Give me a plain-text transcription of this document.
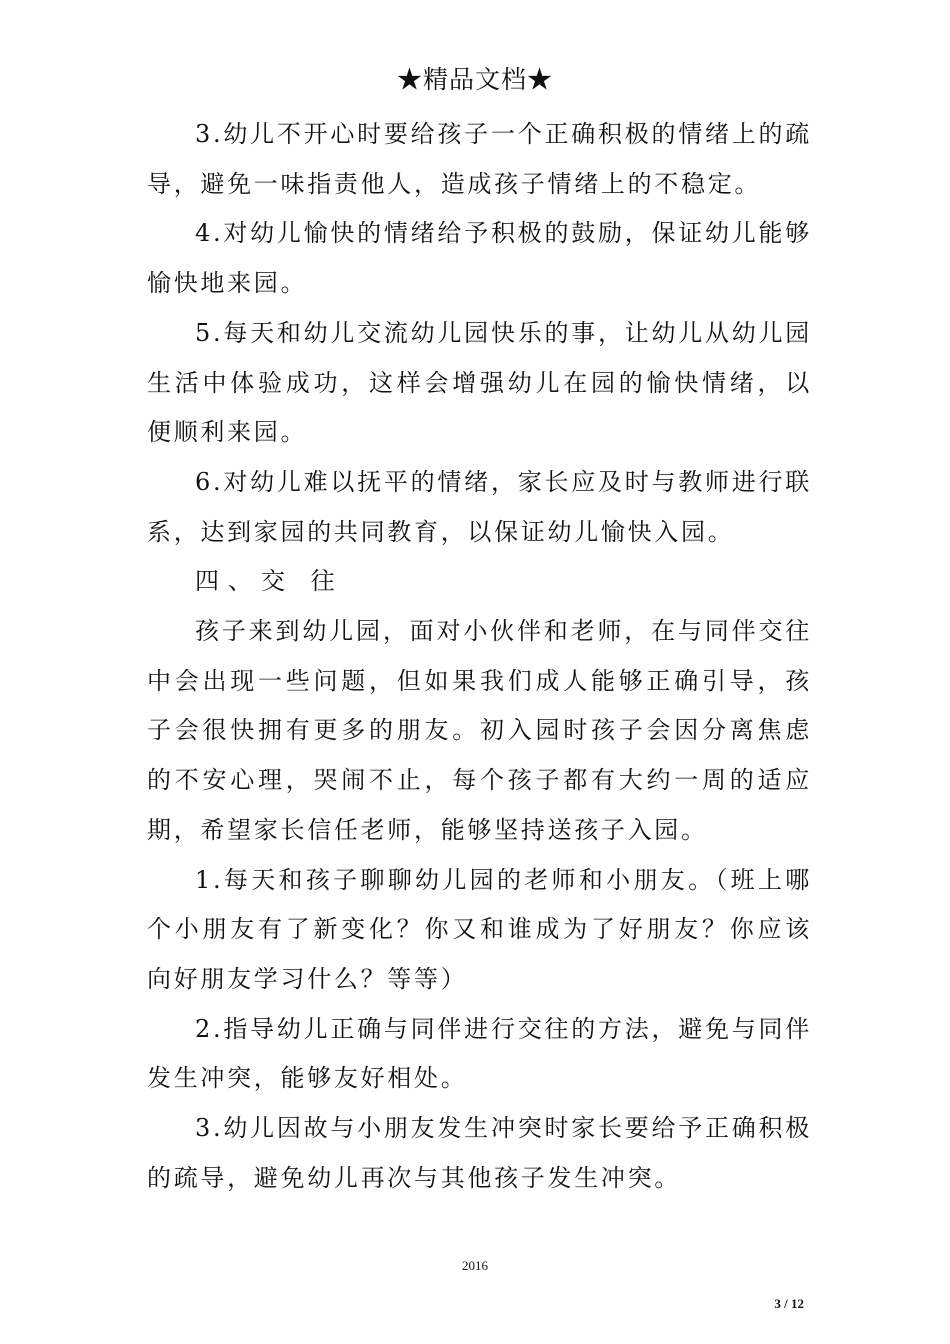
★精品文档★

3.幼儿不开心时要给孩子一个正确积极的情绪上的疏导，避免一味指责他人，造成孩子情绪上的不稳定。

4.对幼儿愉快的情绪给予积极的鼓励，保证幼儿能够愉快地来园。

5.每天和幼儿交流幼儿园快乐的事，让幼儿从幼儿园生活中体验成功，这样会增强幼儿在园的愉快情绪，以便顺利来园。

6.对幼儿难以抚平的情绪，家长应及时与教师进行联系，达到家园的共同教育，以保证幼儿愉快入园。

四、交 往

孩子来到幼儿园，面对小伙伴和老师，在与同伴交往中会出现一些问题，但如果我们成人能够正确引导，孩子会很快拥有更多的朋友。初入园时孩子会因分离焦虑的不安心理，哭闹不止，每个孩子都有大约一周的适应期，希望家长信任老师，能够坚持送孩子入园。

1.每天和孩子聊聊幼儿园的老师和小朋友。（班上哪个小朋友有了新变化？你又和谁成为了好朋友？你应该向好朋友学习什么？等等）

2.指导幼儿正确与同伴进行交往的方法，避免与同伴发生冲突，能够友好相处。

3.幼儿因故与小朋友发生冲突时家长要给予正确积极的疏导，避免幼儿再次与其他孩子发生冲突。

2016
3 / 12
